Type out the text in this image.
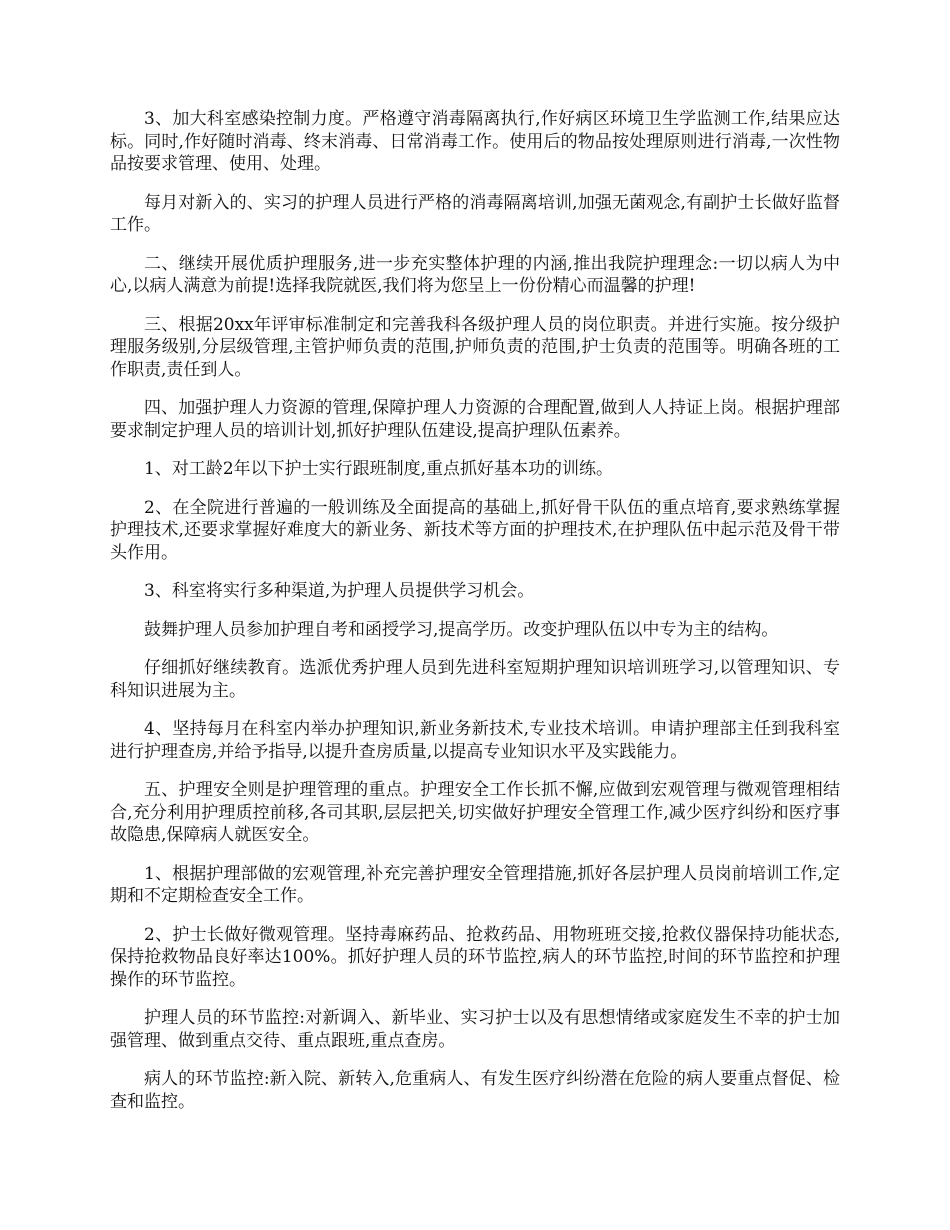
3、加大科室感染控制力度。严格遵守消毒隔离执行,作好病区环境卫生学监测工作,结果应达标。同时,作好随时消毒、终末消毒、日常消毒工作。使用后的物品按处理原则进行消毒,一次性物品按要求管理、使用、处理。

每月对新入的、实习的护理人员进行严格的消毒隔离培训,加强无菌观念,有副护士长做好监督工作。

二、继续开展优质护理服务,进一步充实整体护理的内涵,推出我院护理理念:一切以病人为中心,以病人满意为前提!选择我院就医,我们将为您呈上一份份精心而温馨的护理!

三、根据20xx年评审标准制定和完善我科各级护理人员的岗位职责。并进行实施。按分级护理服务级别,分层级管理,主管护师负责的范围,护师负责的范围,护士负责的范围等。明确各班的工作职责,责任到人。

四、加强护理人力资源的管理,保障护理人力资源的合理配置,做到人人持证上岗。根据护理部要求制定护理人员的培训计划,抓好护理队伍建设,提高护理队伍素养。

1、对工龄2年以下护士实行跟班制度,重点抓好基本功的训练。

2、在全院进行普遍的一般训练及全面提高的基础上,抓好骨干队伍的重点培育,要求熟练掌握护理技术,还要求掌握好难度大的新业务、新技术等方面的护理技术,在护理队伍中起示范及骨干带头作用。

3、科室将实行多种渠道,为护理人员提供学习机会。

鼓舞护理人员参加护理自考和函授学习,提高学历。改变护理队伍以中专为主的结构。

仔细抓好继续教育。选派优秀护理人员到先进科室短期护理知识培训班学习,以管理知识、专科知识进展为主。

4、坚持每月在科室内举办护理知识,新业务新技术,专业技术培训。申请护理部主任到我科室进行护理查房,并给予指导,以提升查房质量,以提高专业知识水平及实践能力。

五、护理安全则是护理管理的重点。护理安全工作长抓不懈,应做到宏观管理与微观管理相结合,充分利用护理质控前移,各司其职,层层把关,切实做好护理安全管理工作,减少医疗纠纷和医疗事故隐患,保障病人就医安全。

1、根据护理部做的宏观管理,补充完善护理安全管理措施,抓好各层护理人员岗前培训工作,定期和不定期检查安全工作。

2、护士长做好微观管理。坚持毒麻药品、抢救药品、用物班班交接,抢救仪器保持功能状态,保持抢救物品良好率达100%。抓好护理人员的环节监控,病人的环节监控,时间的环节监控和护理操作的环节监控。

护理人员的环节监控:对新调入、新毕业、实习护士以及有思想情绪或家庭发生不幸的护士加强管理、做到重点交待、重点跟班,重点查房。

病人的环节监控:新入院、新转入,危重病人、有发生医疗纠纷潜在危险的病人要重点督促、检查和监控。
